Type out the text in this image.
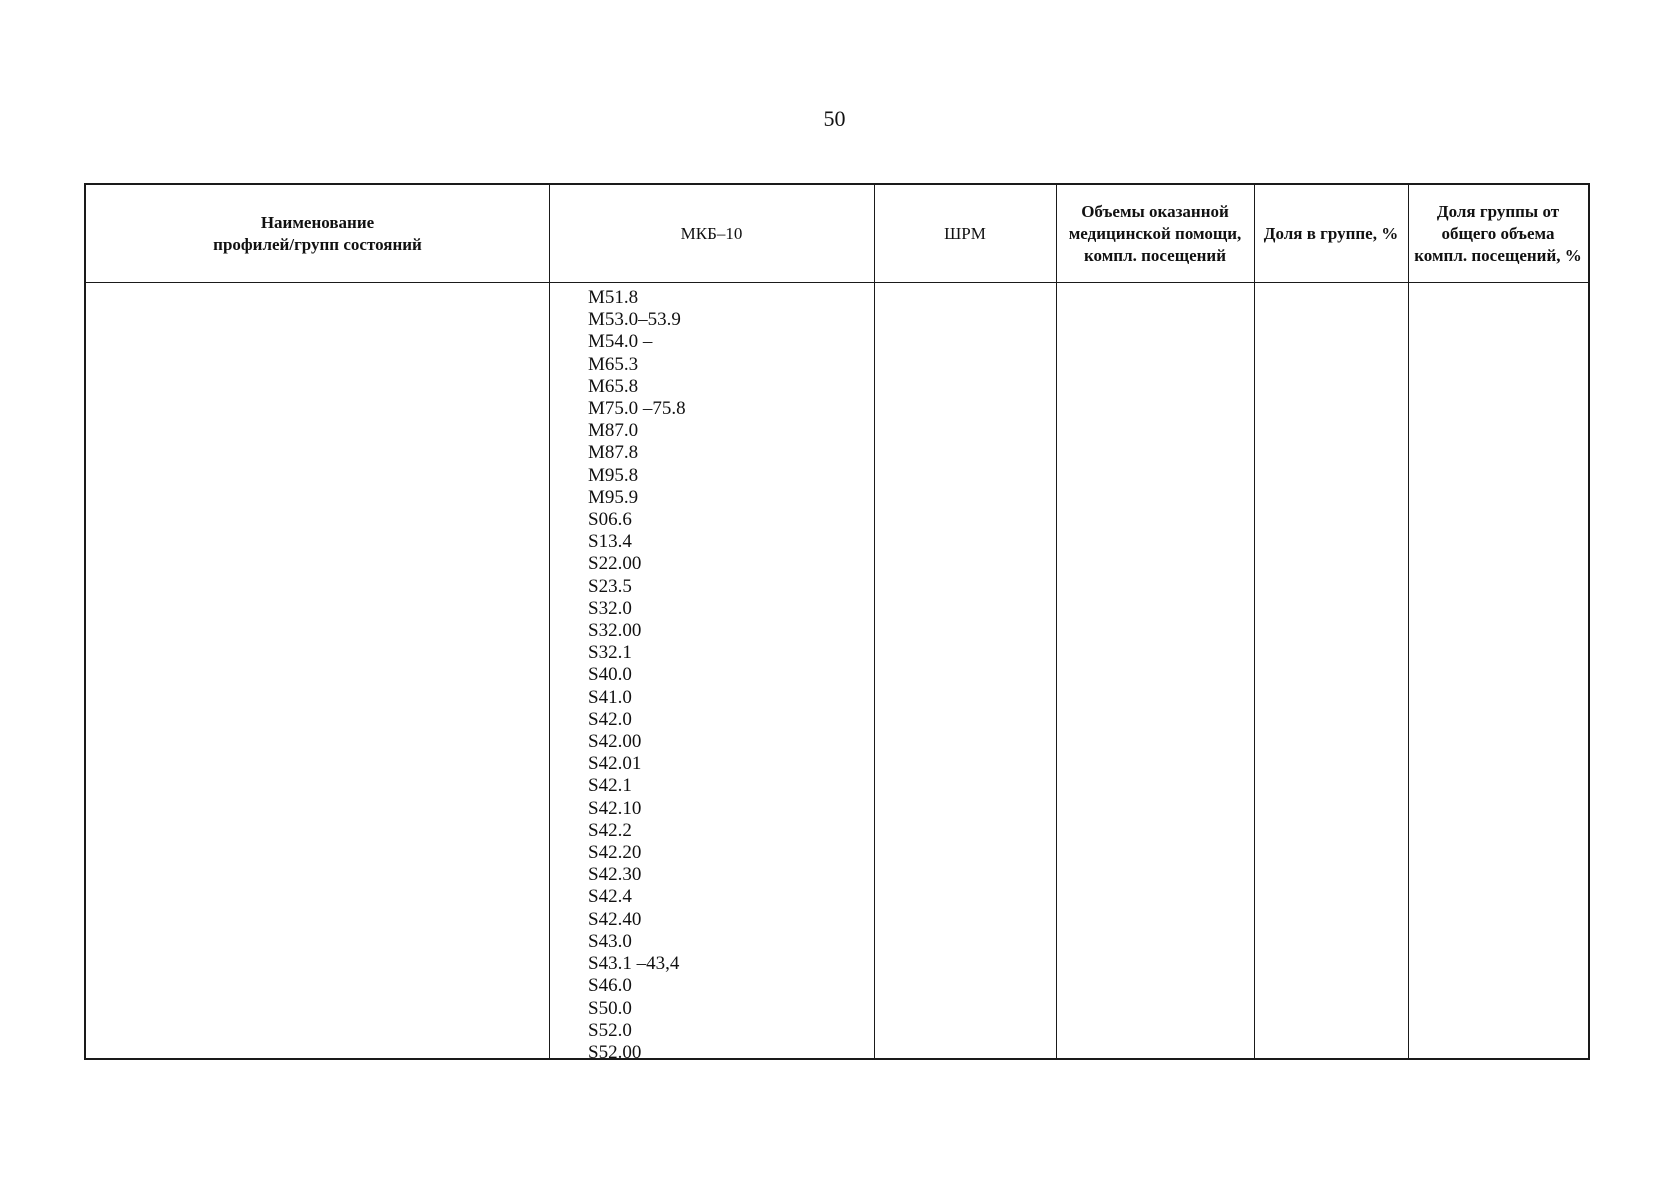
50
Наименование
профилей/групп состояний
МКБ–10	ШРМ
Объемы оказанной медицинской помощи, компл. посещений
Доля в группе, %
Доля группы от общего объема компл. посещений, %
M51.8
M53.0–53.9
M54.0 –
M65.3
M65.8
M75.0 –75.8
M87.0
M87.8
M95.8
M95.9
S06.6
S13.4
S22.00
S23.5
S32.0
S32.00
S32.1
S40.0
S41.0
S42.0
S42.00
S42.01
S42.1
S42.10
S42.2
S42.20
S42.30
S42.4
S42.40
S43.0
S43.1 –43,4
S46.0
S50.0
S52.0
S52.00
